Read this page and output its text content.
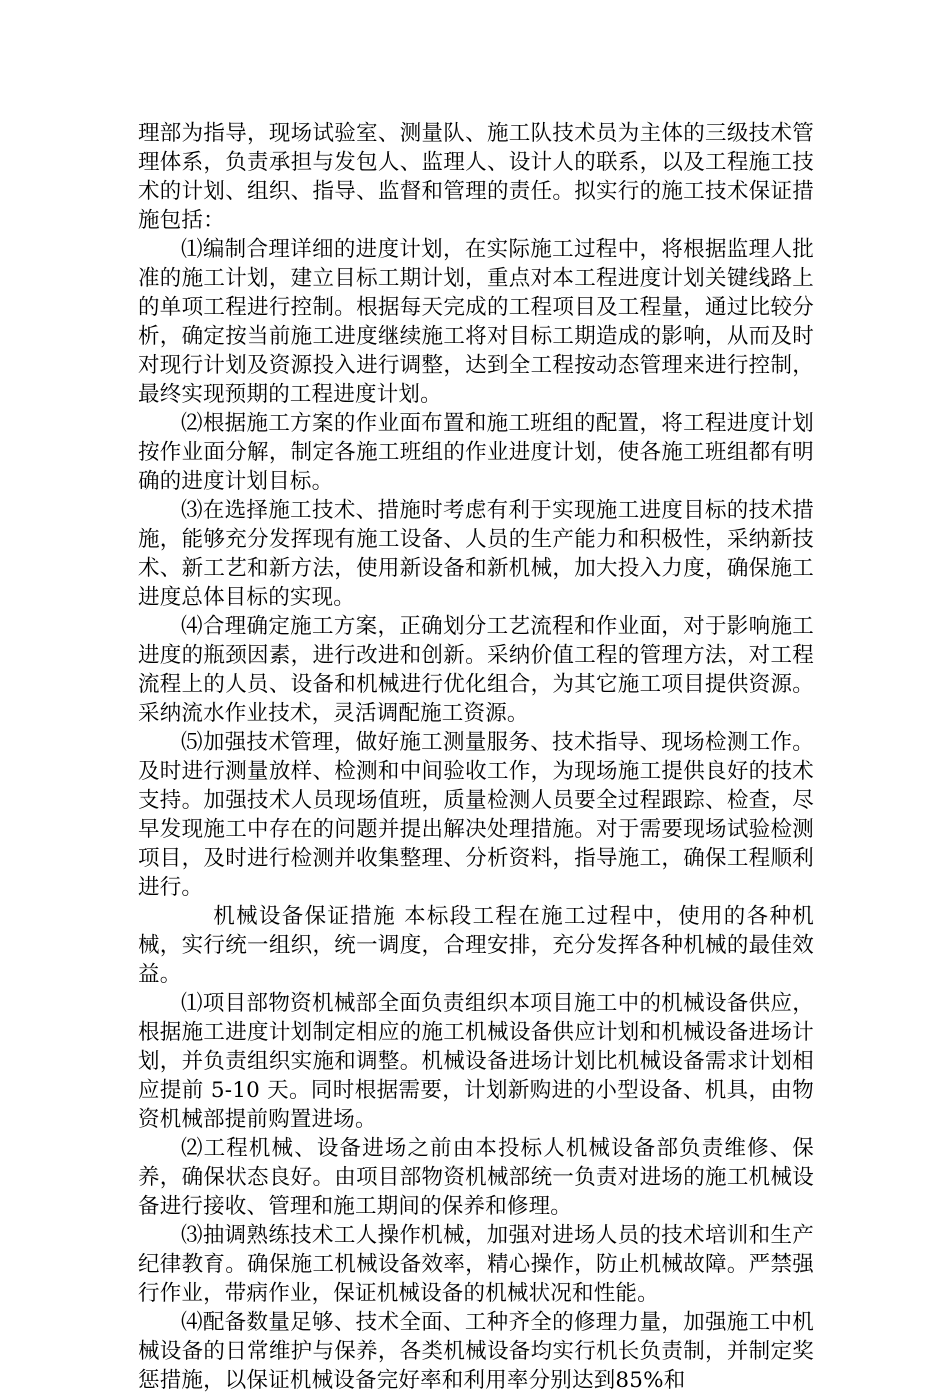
理部为指导，现场试验室、测量队、施工队技术员为主体的三级技术管理体系，负责承担与发包人、监理人、设计人的联系，以及工程施工技术的计划、组织、指导、监督和管理的责任。拟实行的施工技术保证措施包括：

⑴编制合理详细的进度计划，在实际施工过程中，将根据监理人批准的施工计划，建立目标工期计划，重点对本工程进度计划关键线路上的单项工程进行控制。根据每天完成的工程项目及工程量，通过比较分析，确定按当前施工进度继续施工将对目标工期造成的影响，从而及时对现行计划及资源投入进行调整，达到全工程按动态管理来进行控制，最终实现预期的工程进度计划。

⑵根据施工方案的作业面布置和施工班组的配置，将工程进度计划按作业面分解，制定各施工班组的作业进度计划，使各施工班组都有明确的进度计划目标。

⑶在选择施工技术、措施时考虑有利于实现施工进度目标的技术措施，能够充分发挥现有施工设备、人员的生产能力和积极性，采纳新技术、新工艺和新方法，使用新设备和新机械，加大投入力度，确保施工进度总体目标的实现。

⑷合理确定施工方案，正确划分工艺流程和作业面，对于影响施工进度的瓶颈因素，进行改进和创新。采纳价值工程的管理方法，对工程流程上的人员、设备和机械进行优化组合，为其它施工项目提供资源。采纳流水作业技术，灵活调配施工资源。

⑸加强技术管理，做好施工测量服务、技术指导、现场检测工作。及时进行测量放样、检测和中间验收工作，为现场施工提供良好的技术支持。加强技术人员现场值班，质量检测人员要全过程跟踪、检查，尽早发现施工中存在的问题并提出解决处理措施。对于需要现场试验检测项目，及时进行检测并收集整理、分析资料，指导施工，确保工程顺利进行。

机械设备保证措施 本标段工程在施工过程中，使用的各种机械，实行统一组织，统一调度，合理安排，充分发挥各种机械的最佳效益。

⑴项目部物资机械部全面负责组织本项目施工中的机械设备供应，根据施工进度计划制定相应的施工机械设备供应计划和机械设备进场计划，并负责组织实施和调整。机械设备进场计划比机械设备需求计划相应提前 5-10 天。同时根据需要，计划新购进的小型设备、机具，由物资机械部提前购置进场。

⑵工程机械、设备进场之前由本投标人机械设备部负责维修、保养，确保状态良好。由项目部物资机械部统一负责对进场的施工机械设备进行接收、管理和施工期间的保养和修理。

⑶抽调熟练技术工人操作机械，加强对进场人员的技术培训和生产纪律教育。确保施工机械设备效率，精心操作，防止机械故障。严禁强行作业，带病作业，保证机械设备的机械状况和性能。

⑷配备数量足够、技术全面、工种齐全的修理力量，加强施工中机械设备的日常维护与保养，各类机械设备均实行机长负责制，并制定奖惩措施，以保证机械设备完好率和利用率分别达到85%和
